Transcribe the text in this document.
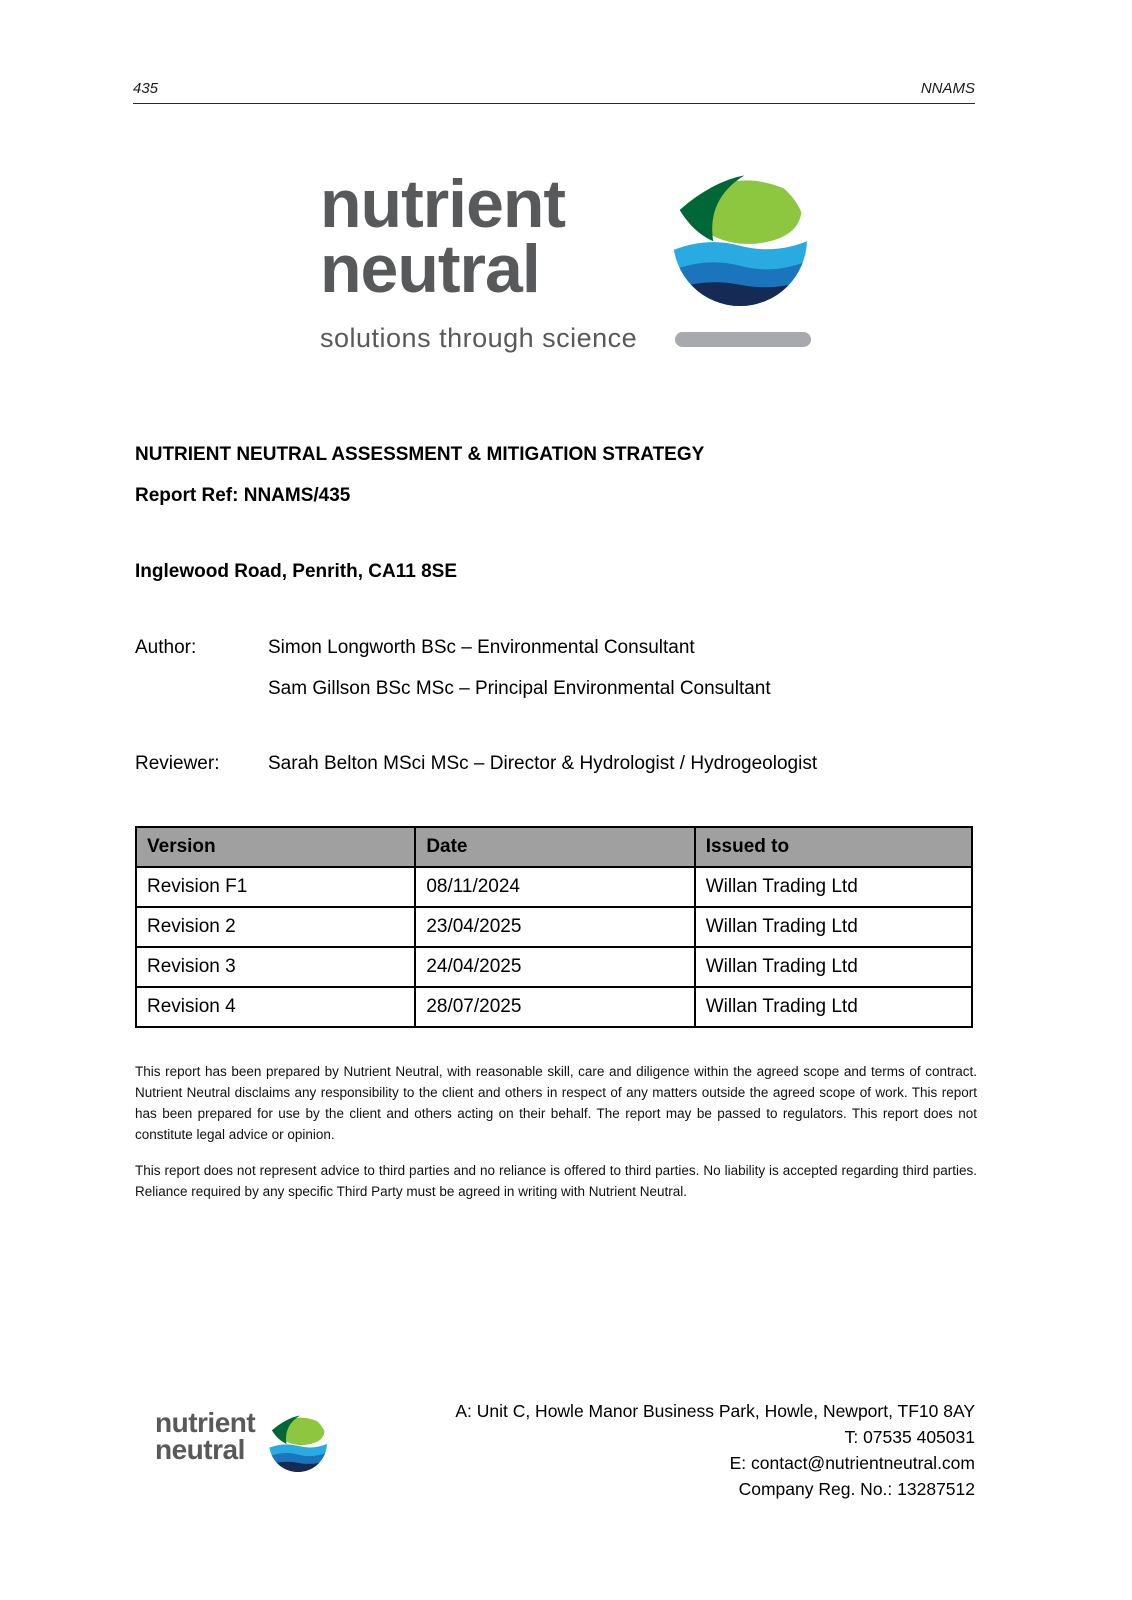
435	NNAMS
nutrient
neutral
solutions through science
NUTRIENT NEUTRAL ASSESSMENT & MITIGATION STRATEGY
Report Ref: NNAMS/435
Inglewood Road, Penrith, CA11 8SE
Author:	Simon Longworth BSc – Environmental Consultant
Sam Gillson BSc MSc – Principal Environmental Consultant
Reviewer:	Sarah Belton MSci MSc – Director & Hydrologist / Hydrogeologist
Version	Date	Issued to
Revision F1	08/11/2024	Willan Trading Ltd
Revision 2	23/04/2025	Willan Trading Ltd
Revision 3	24/04/2025	Willan Trading Ltd
Revision 4	28/07/2025	Willan Trading Ltd

This report has been prepared by Nutrient Neutral, with reasonable skill, care and diligence within the agreed scope and terms of contract. Nutrient Neutral disclaims any responsibility to the client and others in respect of any matters outside the agreed scope of work. This report has been prepared for use by the client and others acting on their behalf. The report may be passed to regulators. This report does not constitute legal advice or opinion.

This report does not represent advice to third parties and no reliance is offered to third parties. No liability is accepted regarding third parties. Reliance required by any specific Third Party must be agreed in writing with Nutrient Neutral.

nutrient
neutral
A: Unit C, Howle Manor Business Park, Howle, Newport, TF10 8AY
T: 07535 405031
E: contact@nutrientneutral.com
Company Reg. No.: 13287512
